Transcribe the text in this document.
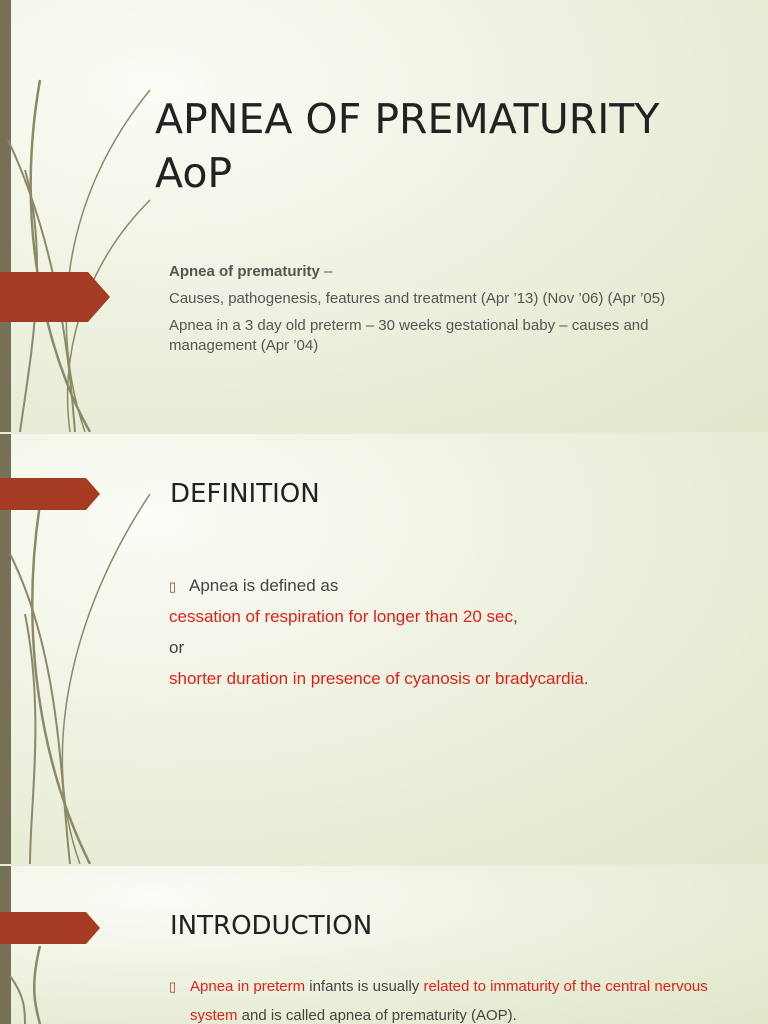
APNEA OF PREMATURITY
AoP

Apnea of prematurity –

Causes, pathogenesis, features and treatment (Apr ’13) (Nov ’06) (Apr ’05)

Apnea in a 3 day old preterm – 30 weeks gestational baby – causes and management (Apr ’04)

DEFINITION
▯ Apnea is defined as
cessation of respiration for longer than 20 sec,
or
shorter duration in presence of cyanosis or bradycardia.
INTRODUCTION
▯ Apnea in preterm infants is usually related to immaturity of the central nervous system and is called apnea of prematurity (AOP).
